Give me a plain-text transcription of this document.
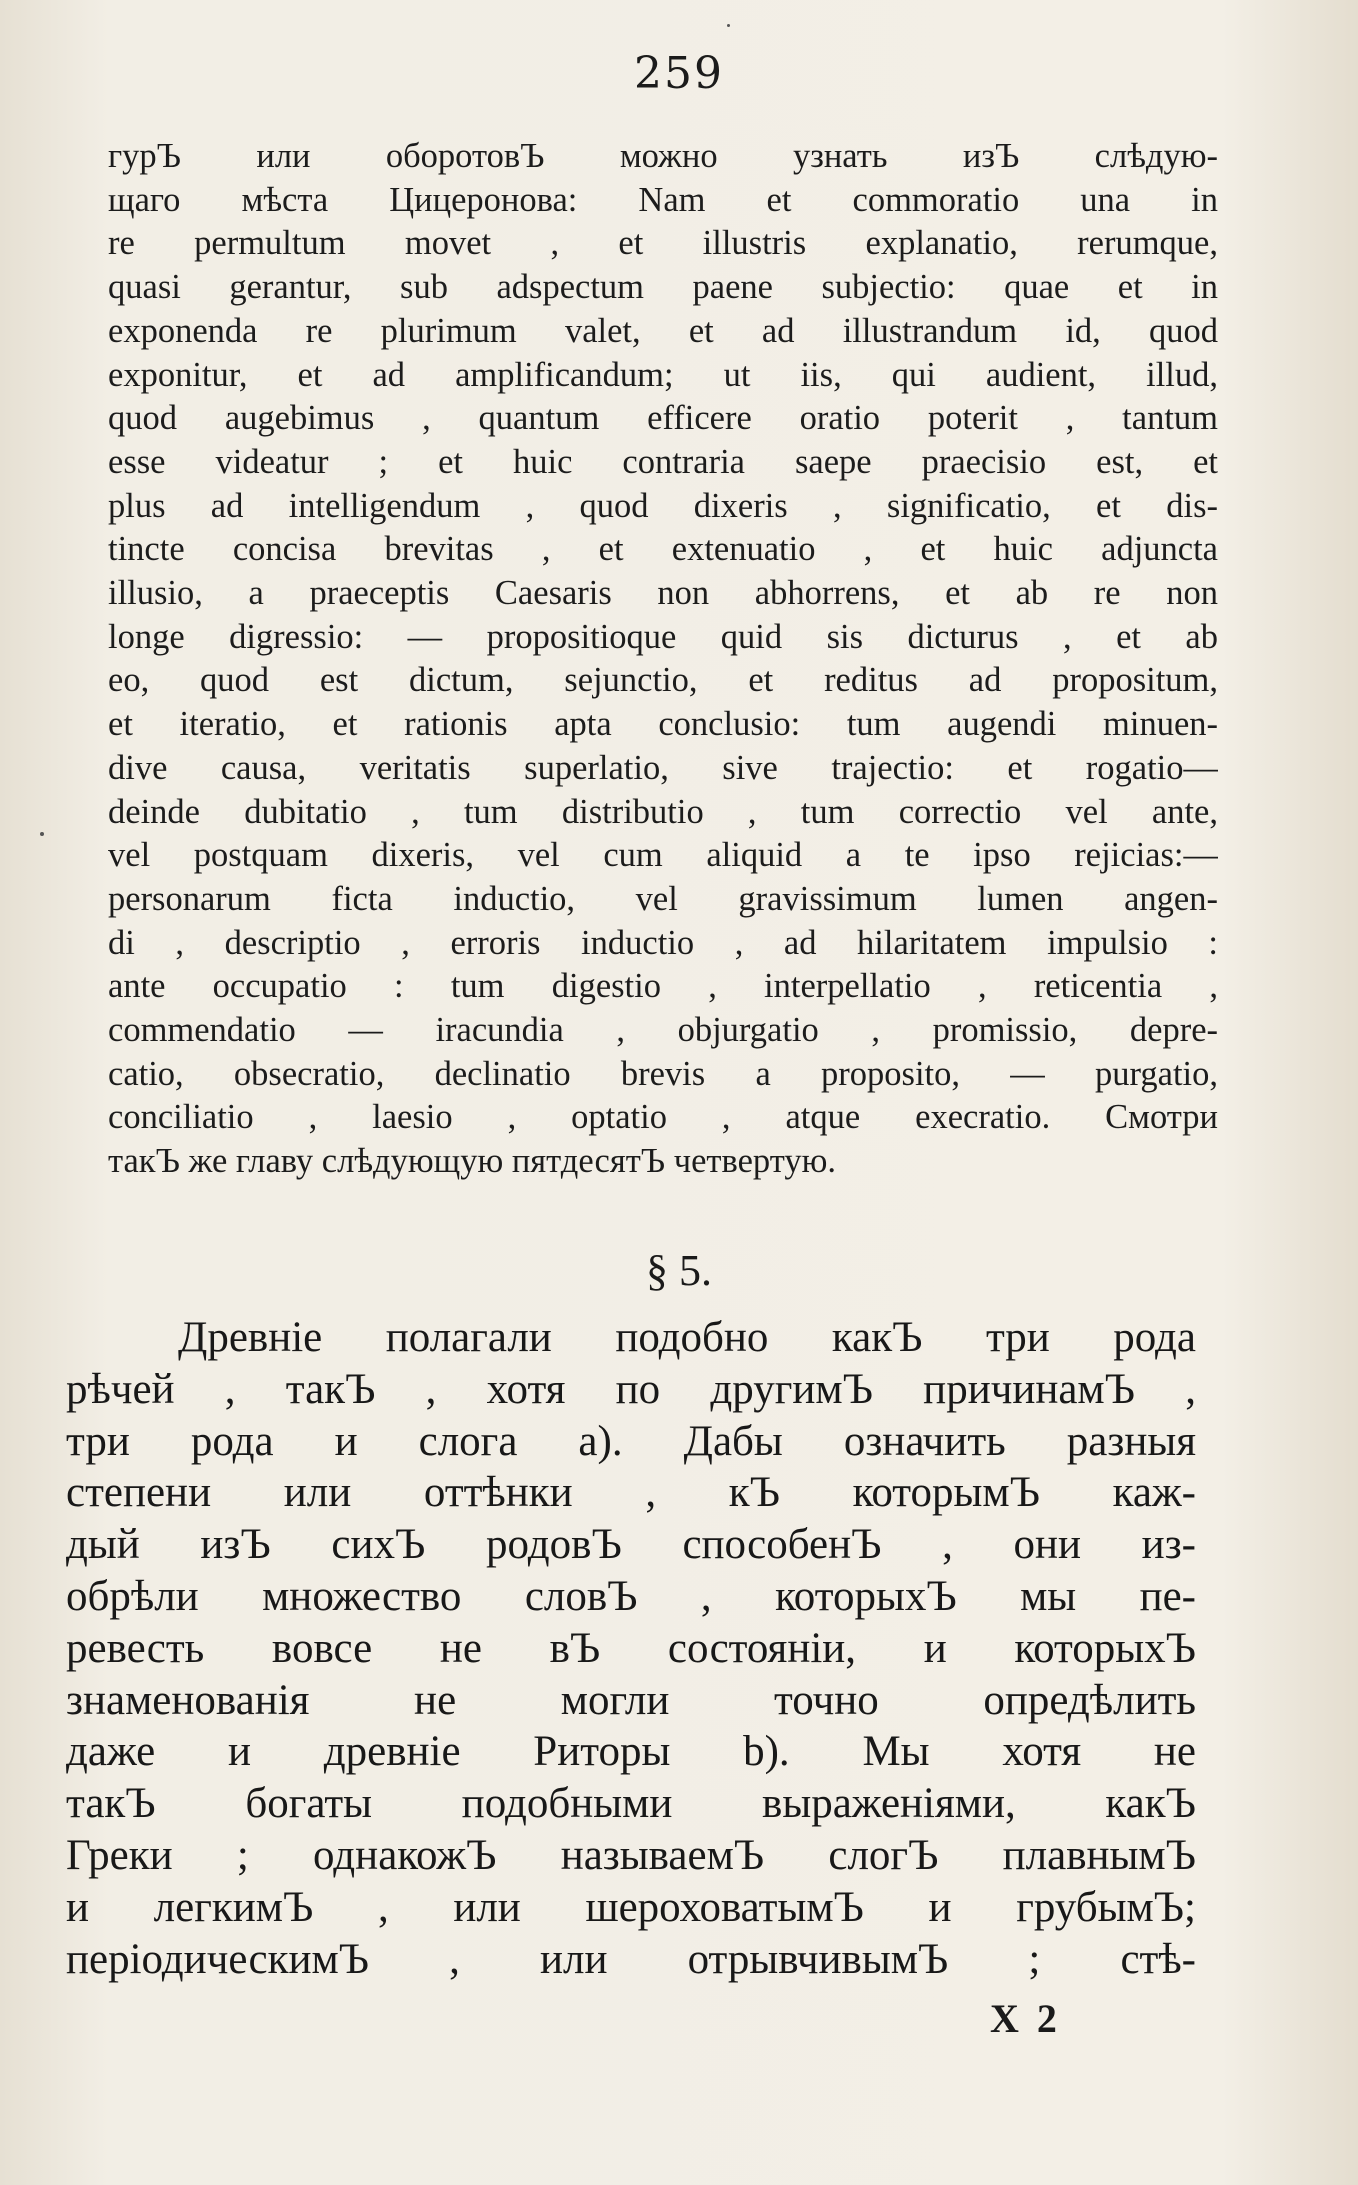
259
гурЪ или оборотовЪ можно узнать изЪ слѣдую-
щаго мѣста Цицеронова: Nam et commoratio una in
re permultum movet , et illustris explanatio, rerumque,
quasi gerantur, sub adspectum paene subjectio: quae et in
exponenda re plurimum valet, et ad illustrandum id, quod
exponitur, et ad amplificandum; ut iis, qui audient, illud,
quod augebimus , quantum efficere oratio poterit , tantum
esse videatur ; et huic contraria saepe praecisio est, et
plus ad intelligendum , quod dixeris , significatio, et dis-
tincte concisa brevitas , et extenuatio , et huic adjuncta
illusio, a praeceptis Caesaris non abhorrens, et ab re non
longe digressio: — propositioque quid sis dicturus , et ab
eo, quod est dictum, sejunctio, et reditus ad propositum,
et iteratio, et rationis apta conclusio: tum augendi minuen-
dive causa, veritatis superlatio, sive trajectio: et rogatio—
deinde dubitatio , tum distributio , tum correctio vel ante,
vel postquam dixeris, vel cum aliquid a te ipso rejicias:—
personarum ficta inductio, vel gravissimum lumen angen-
di , descriptio , erroris inductio , ad hilaritatem impulsio :
ante occupatio : tum digestio , interpellatio , reticentia ,
commendatio — iracundia , objurgatio , promissio, depre-
catio, obsecratio, declinatio brevis a proposito, — purgatio,
conciliatio , laesio , optatio , atque execratio. Смотри
такЪ же главу слѣдующую пятдесятЪ четвертую.
§ 5.
Древніе полагали подобно какЪ три рода
рѣчей , такЪ , хотя по другимЪ причинамЪ ,
три рода и слога а). Дабы означить разныя
степени или оттѣнки , кЪ которымЪ каж-
дый изЪ сихЪ родовЪ способенЪ , они из-
обрѣли множество словЪ , которыхЪ мы пе-
ревесть вовсе не вЪ состояніи, и которыхЪ
знаменованія не могли точно опредѣлить
даже и древніе Риторы b). Мы хотя не
такЪ богаты подобными выраженіями, какЪ
Греки ; однакожЪ называемЪ слогЪ плавнымЪ
и легкимЪ , или шероховатымЪ и грубымЪ;
періодическимЪ , или отрывчивымЪ ; стѣ-
X 2
